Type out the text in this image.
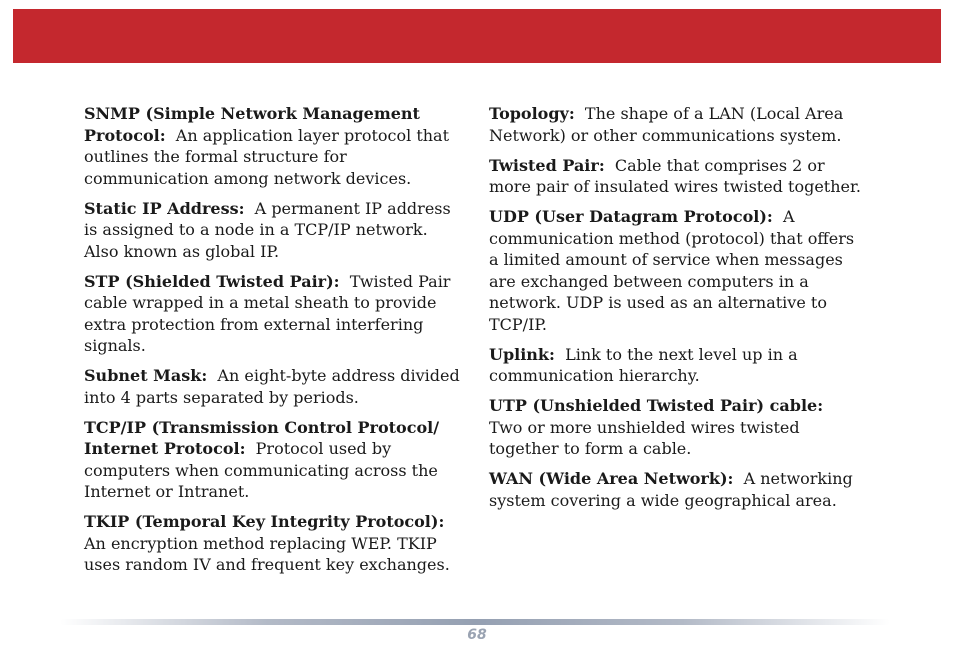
SNMP (Simple Network Management Protocol: An application layer protocol that outlines the formal structure for communication among network devices.

Static IP Address: A permanent IP address is assigned to a node in a TCP/IP network. Also known as global IP.

STP (Shielded Twisted Pair): Twisted Pair cable wrapped in a metal sheath to provide extra protection from external interfering signals.

Subnet Mask: An eight-byte address divided into 4 parts separated by periods.

TCP/IP (Transmission Control Protocol/ Internet Protocol: Protocol used by computers when communicating across the Internet or Intranet.

TKIP (Temporal Key Integrity Protocol):
An encryption method replacing WEP. TKIP uses random IV and frequent key exchanges.

Topology: The shape of a LAN (Local Area Network) or other communications system.

Twisted Pair: Cable that comprises 2 or more pair of insulated wires twisted together.

UDP (User Datagram Protocol): A communication method (protocol) that offers a limited amount of service when messages are exchanged between computers in a network. UDP is used as an alternative to TCP/IP.

Uplink: Link to the next level up in a communication hierarchy.

UTP (Unshielded Twisted Pair) cable:
Two or more unshielded wires twisted together to form a cable.

WAN (Wide Area Network): A networking system covering a wide geographical area.

68
